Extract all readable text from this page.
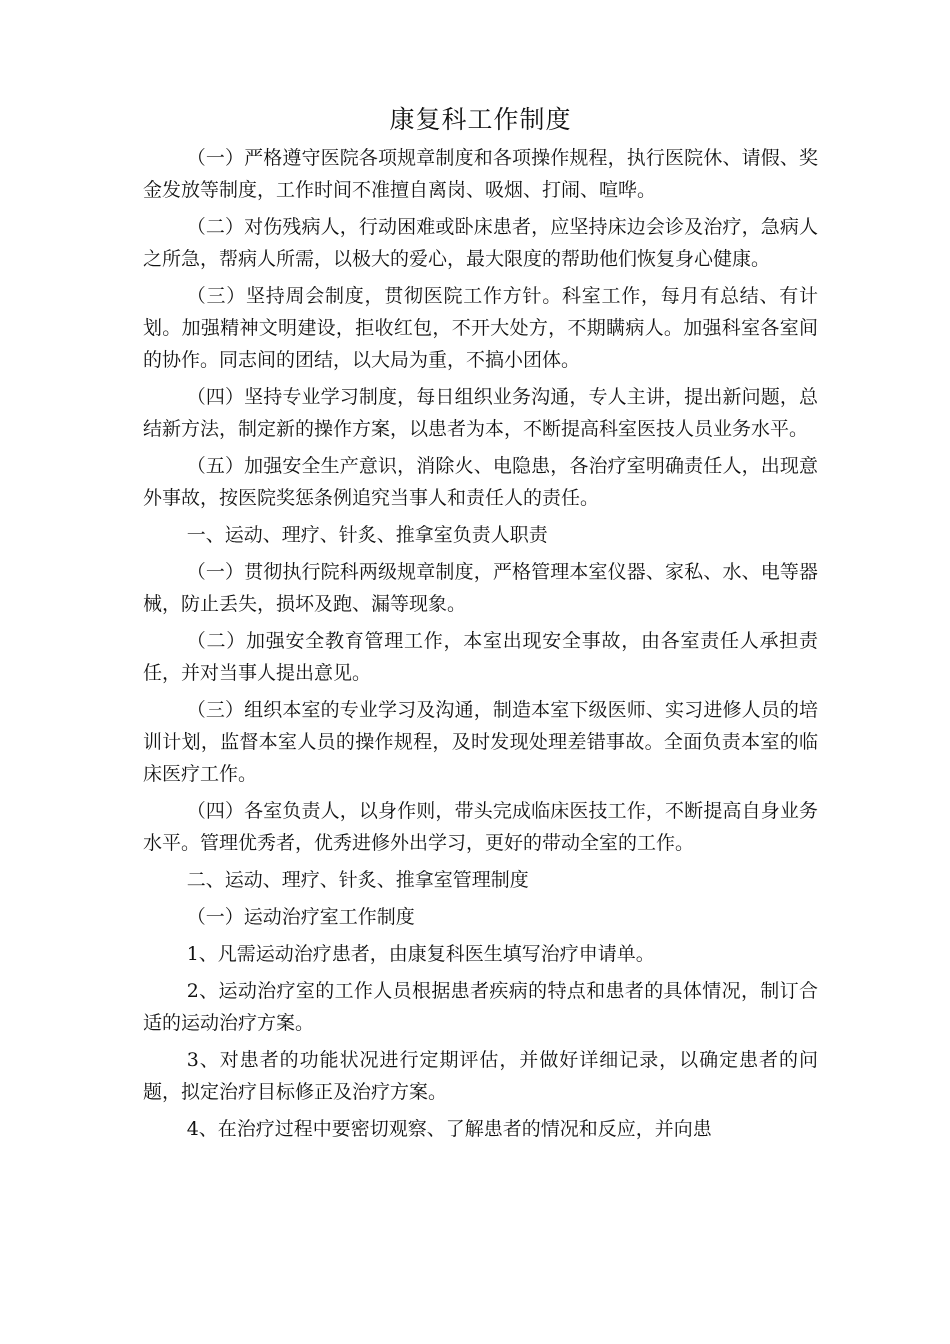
康复科工作制度

（一）严格遵守医院各项规章制度和各项操作规程，执行医院休、请假、奖金发放等制度，工作时间不准擅自离岗、吸烟、打闹、喧哗。

（二）对伤残病人，行动困难或卧床患者，应坚持床边会诊及治疗，急病人之所急，帮病人所需，以极大的爱心，最大限度的帮助他们恢复身心健康。

（三）坚持周会制度，贯彻医院工作方针。科室工作，每月有总结、有计划。加强精神文明建设，拒收红包，不开大处方，不期瞒病人。加强科室各室间的协作。同志间的团结，以大局为重，不搞小团体。

（四）坚持专业学习制度，每日组织业务沟通，专人主讲，提出新问题，总结新方法，制定新的操作方案，以患者为本，不断提高科室医技人员业务水平。

（五）加强安全生产意识，消除火、电隐患，各治疗室明确责任人，出现意外事故，按医院奖惩条例追究当事人和责任人的责任。

一、运动、理疗、针炙、推拿室负责人职责

（一）贯彻执行院科两级规章制度，严格管理本室仪器、家私、水、电等器械，防止丢失，损坏及跑、漏等现象。

（二）加强安全教育管理工作，本室出现安全事故，由各室责任人承担责任，并对当事人提出意见。

（三）组织本室的专业学习及沟通，制造本室下级医师、实习进修人员的培训计划，监督本室人员的操作规程，及时发现处理差错事故。全面负责本室的临床医疗工作。

（四）各室负责人，以身作则，带头完成临床医技工作，不断提高自身业务水平。管理优秀者，优秀进修外出学习，更好的带动全室的工作。

二、运动、理疗、针炙、推拿室管理制度

（一）运动治疗室工作制度

1、凡需运动治疗患者，由康复科医生填写治疗申请单。

2、运动治疗室的工作人员根据患者疾病的特点和患者的具体情况，制订合适的运动治疗方案。

3、对患者的功能状况进行定期评估，并做好详细记录，以确定患者的问题，拟定治疗目标修正及治疗方案。

4、在治疗过程中要密切观察、了解患者的情况和反应，并向患
